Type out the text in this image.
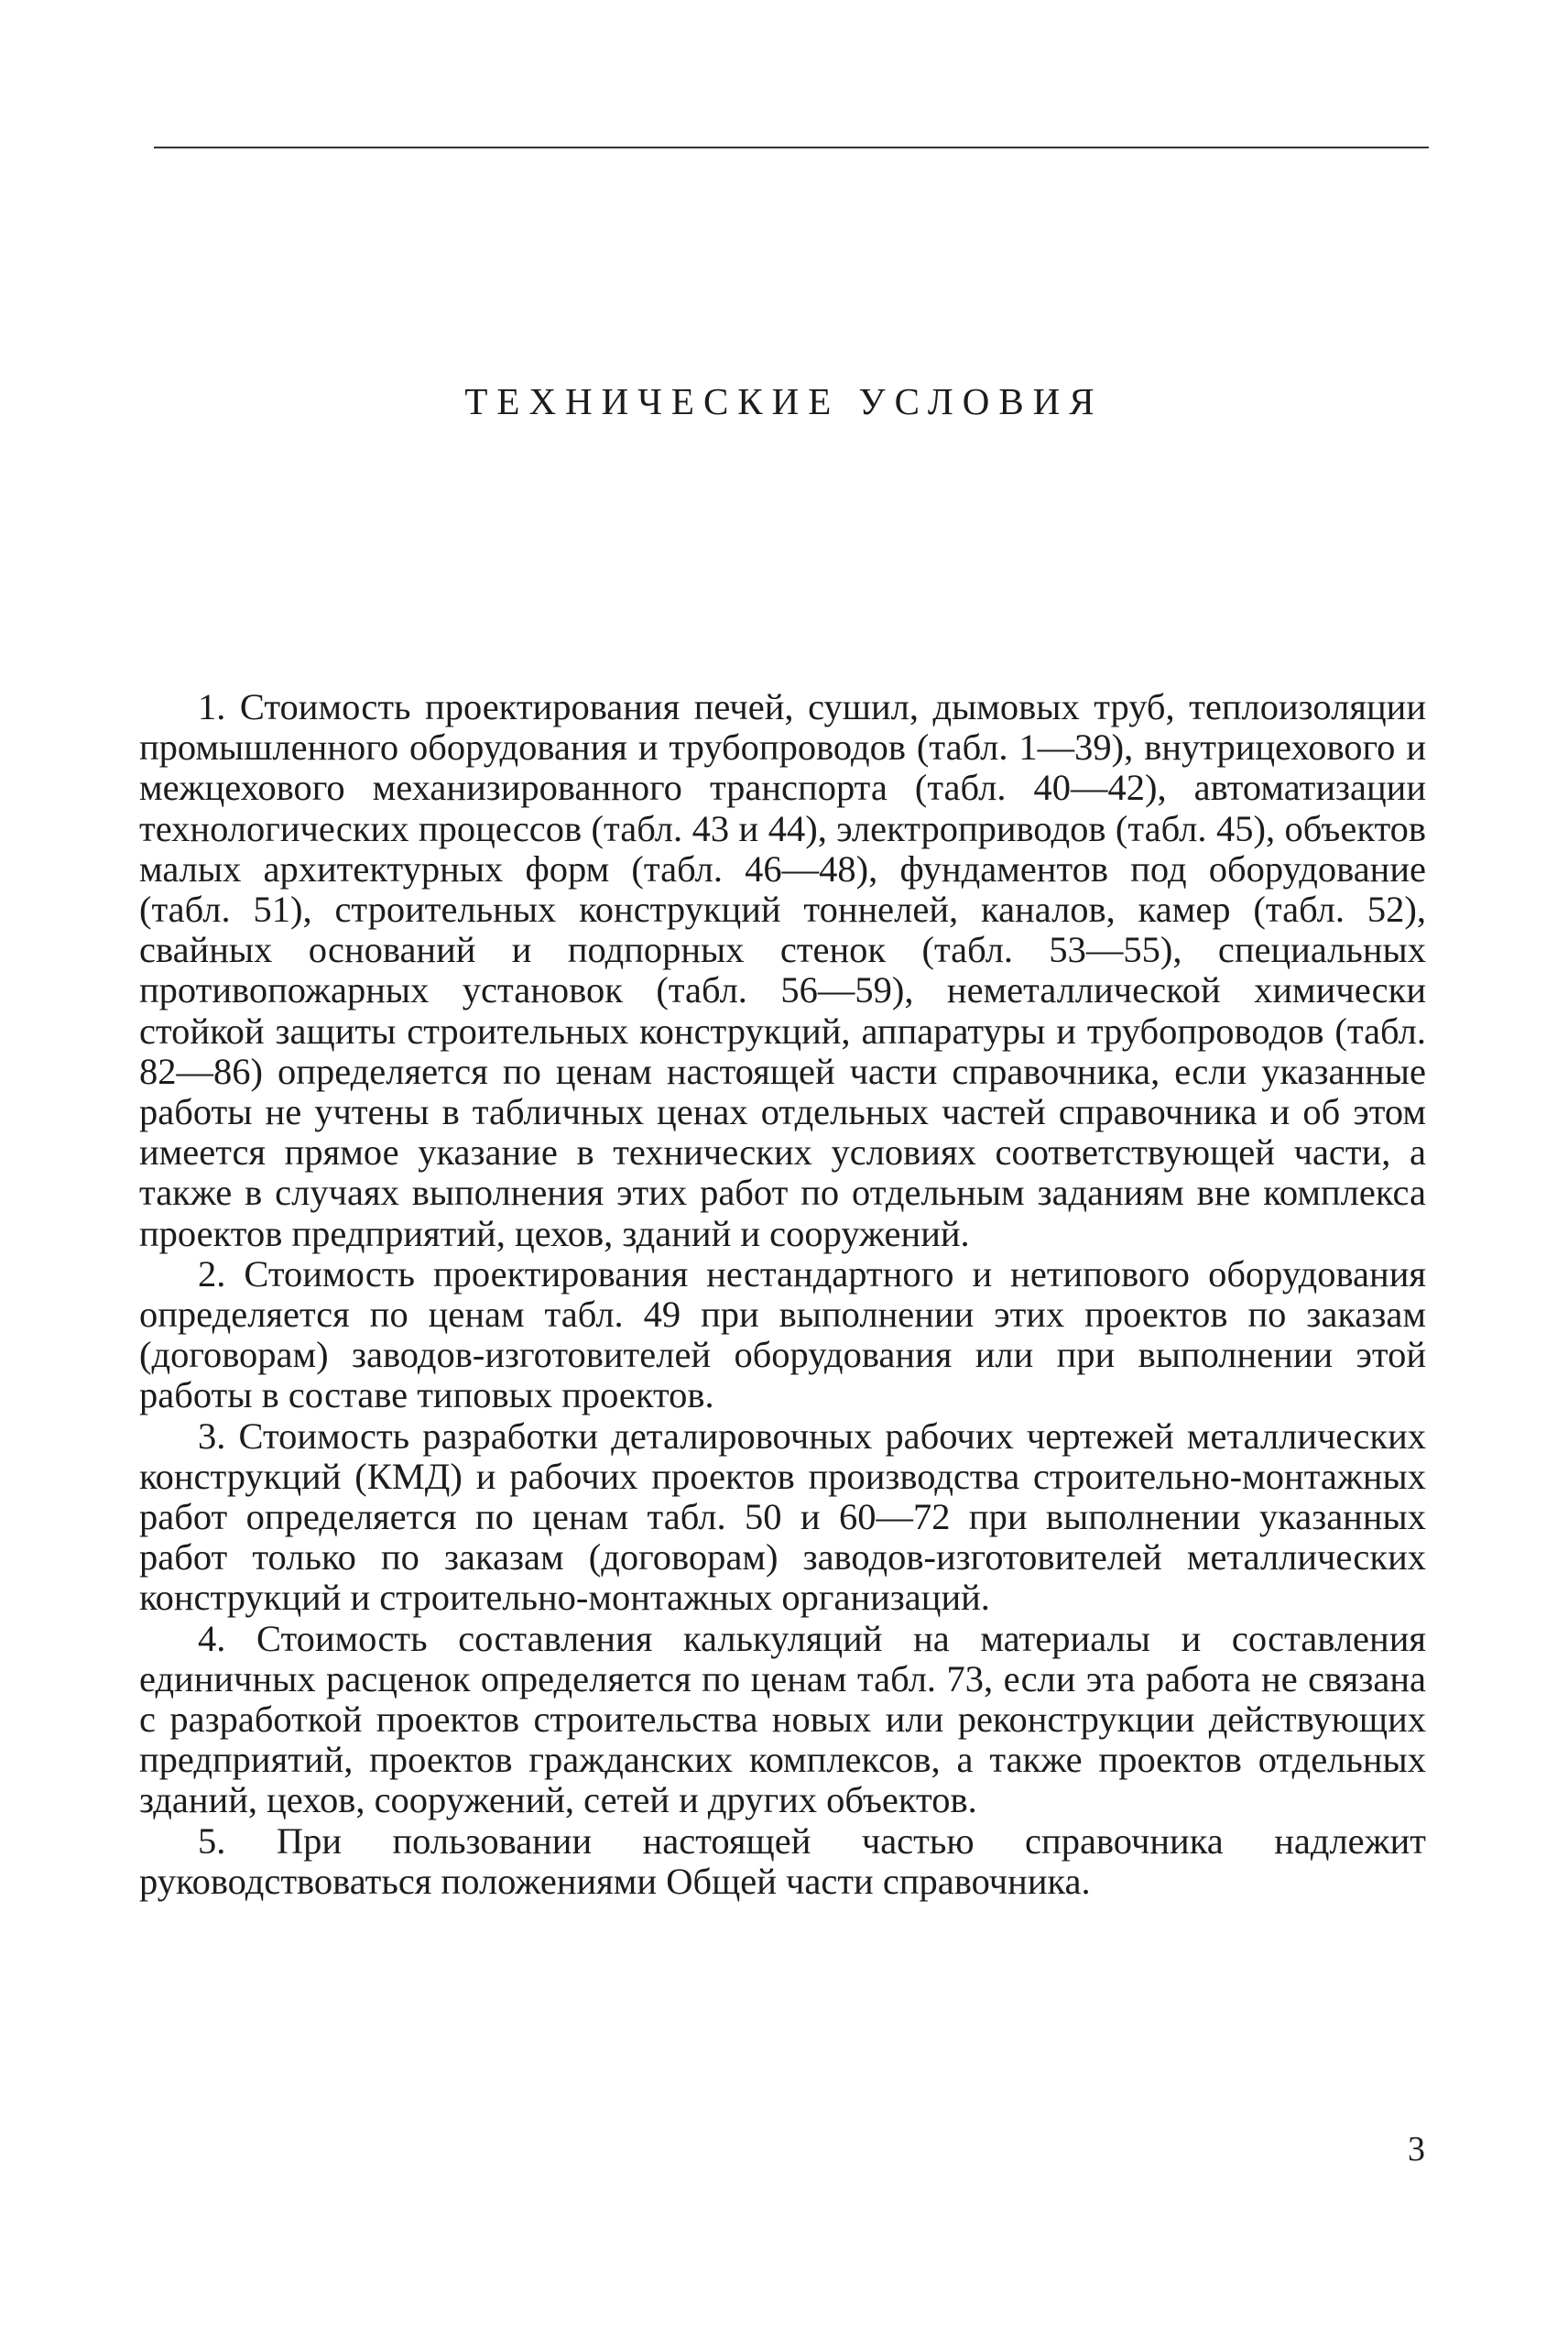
ТЕХНИЧЕСКИЕ УСЛОВИЯ

1. Стоимость проектирования печей, сушил, дымовых труб, теплоизоляции промышленного оборудования и трубопроводов (табл. 1—39), внутрицехового и межцехового механизированного транспорта (табл. 40—42), автоматизации технологических процессов (табл. 43 и 44), электроприводов (табл. 45), объектов малых архитектурных форм (табл. 46—48), фундаментов под оборудование (табл. 51), строительных конструкций тоннелей, каналов, камер (табл. 52), свайных оснований и подпорных стенок (табл. 53—55), специальных противопожарных установок (табл. 56—59), неметаллической химически стойкой защиты строительных конструкций, аппаратуры и трубопроводов (табл. 82—86) определяется по ценам настоящей части справочника, если указанные работы не учтены в табличных ценах отдельных частей справочника и об этом имеется прямое указание в технических условиях соответствующей части, а также в случаях выполнения этих работ по отдельным заданиям вне комплекса проектов предприятий, цехов, зданий и сооружений.

2. Стоимость проектирования нестандартного и нетипового оборудования определяется по ценам табл. 49 при выполнении этих проектов по заказам (договорам) заводов-изготовителей оборудования или при выполнении этой работы в составе типовых проектов.

3. Стоимость разработки деталировочных рабочих чертежей металлических конструкций (КМД) и рабочих проектов производства строительно-монтажных работ определяется по ценам табл. 50 и 60—72 при выполнении указанных работ только по заказам (договорам) заводов-изготовителей металлических конструкций и строительно-монтажных организаций.

4. Стоимость составления калькуляций на материалы и составления единичных расценок определяется по ценам табл. 73, если эта работа не связана с разработкой проектов строительства новых или реконструкции действующих предприятий, проектов гражданских комплексов, а также проектов отдельных зданий, цехов, сооружений, сетей и других объектов.

5. При пользовании настоящей частью справочника надлежит руководствоваться положениями Общей части справочника.

3
